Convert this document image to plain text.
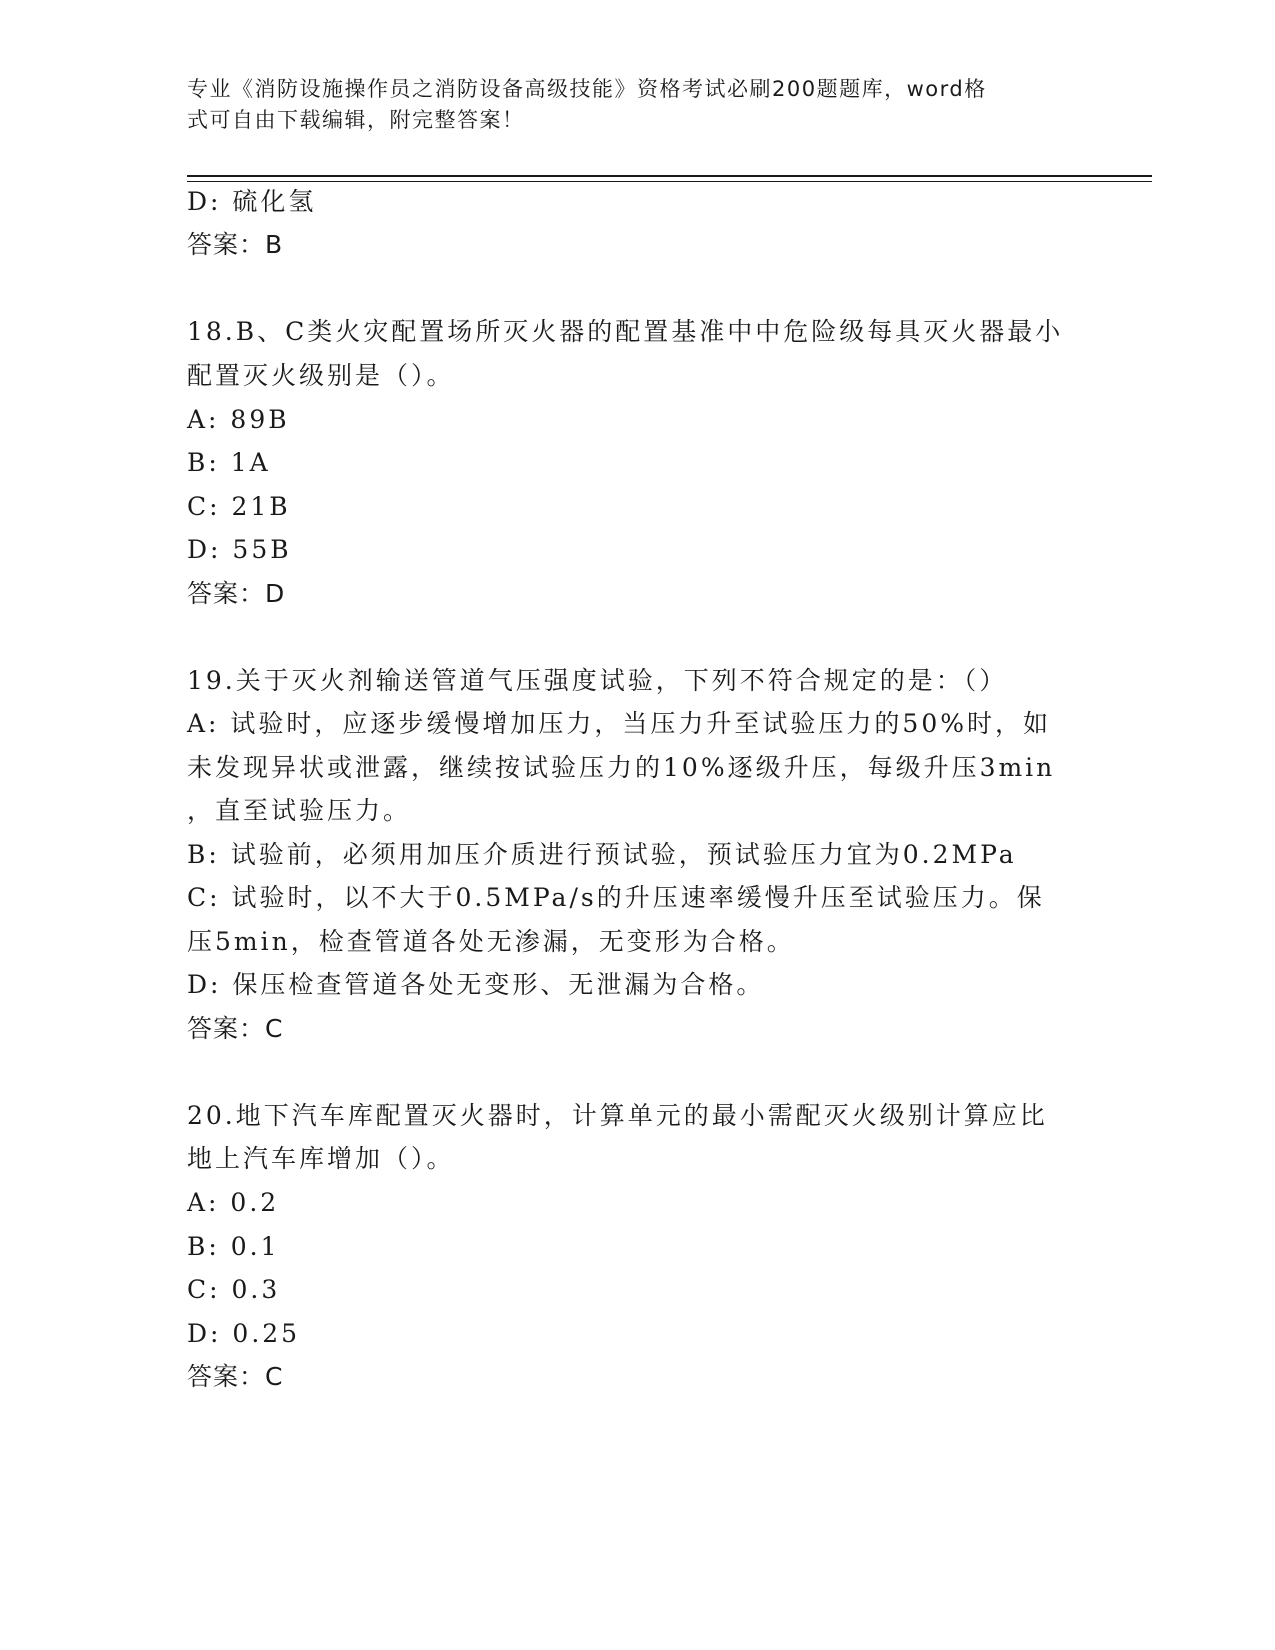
专业《消防设施操作员之消防设备高级技能》资格考试必刷200题题库，word格
式可自由下载编辑，附完整答案！
D: 硫化氢
答案：B
18.B、C类火灾配置场所灭火器的配置基准中中危险级每具灭火器最小
配置灭火级别是（）。
A: 89B
B: 1A
C: 21B
D: 55B
答案：D
19.关于灭火剂输送管道气压强度试验，下列不符合规定的是：（）
A: 试验时，应逐步缓慢增加压力，当压力升至试验压力的50%时，如
未发现异状或泄露，继续按试验压力的10%逐级升压，每级升压3min
，直至试验压力。
B: 试验前，必须用加压介质进行预试验，预试验压力宜为0.2MPa
C: 试验时，以不大于0.5MPa/s的升压速率缓慢升压至试验压力。保
压5min，检查管道各处无渗漏，无变形为合格。
D: 保压检查管道各处无变形、无泄漏为合格。
答案：C
20.地下汽车库配置灭火器时，计算单元的最小需配灭火级别计算应比
地上汽车库增加（）。
A: 0.2
B: 0.1
C: 0.3
D: 0.25
答案：C
